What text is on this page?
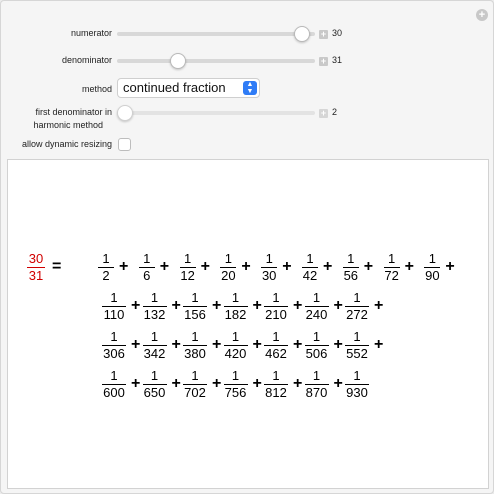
+
numerator	+ 30
denominator	+ 31
method continued fraction	▲
▼
first denominator in
harmonic method
+ 2
allow dynamic resizing
30
31
=	1
2
+	1
6
+	1
12
+	1
20
+	1
30
+	1
42
+	1
56
+	1
72
+	1
90
+
1
110
+ 1
132
+ 1
156
+ 1
182
+ 1
210
+ 1
240
+ 1
272
+
1
306
+ 1
342
+ 1
380
+ 1
420
+ 1
462
+ 1
506
+ 1
552
+
1
600
+ 1
650
+ 1
702
+ 1
756
+ 1
812
+ 1
870
+ 1
930
